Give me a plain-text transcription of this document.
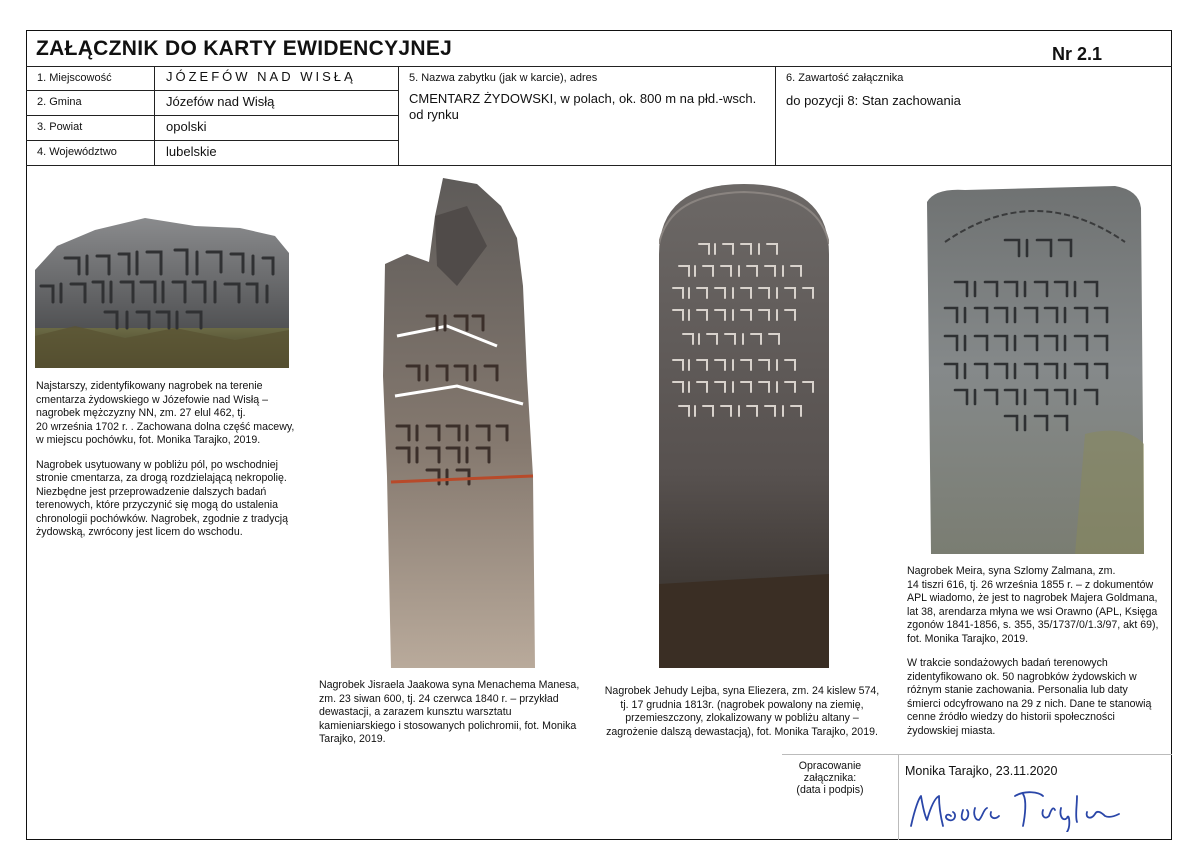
ZAŁĄCZNIK DO KARTY EWIDENCYJNEJ	Nr 2.1
1. Miejscowość	JÓZEFÓW NAD WISŁĄ
2. Gmina	Józefów nad Wisłą
3. Powiat	opolski
4. Województwo	lubelskie
5. Nazwa zabytku (jak w karcie), adres
CMENTARZ ŻYDOWSKI, w polach, ok. 800 m na płd.-wsch. od rynku
6. Zawartość załącznika
do pozycji 8: Stan zachowania

Najstarszy, zidentyfikowany nagrobek na terenie
cmentarza żydowskiego w Józefowie nad Wisłą –
nagrobek mężczyzny NN, zm. 27 elul 462, tj.
20 września 1702 r. . Zachowana dolna część macewy,
w miejscu pochówku, fot. Monika Tarajko, 2019.

Nagrobek usytuowany w pobliżu pól, po wschodniej
stronie cmentarza, za drogą rozdzielającą nekropolię.
Niezbędne jest przeprowadzenie dalszych badań
terenowych, które przyczynić się mogą do ustalenia
chronologii pochówków. Nagrobek, zgodnie z tradycją
żydowską, zwrócony jest licem do wschodu.

Nagrobek Jisraela Jaakowa syna Menachema Manesa,
zm. 23 siwan 600, tj. 24 czerwca 1840 r. – przykład
dewastacji, a zarazem kunsztu warsztatu
kamieniarskiego i stosowanych polichromii, fot. Monika
Tarajko, 2019.
Nagrobek Jehudy Lejba, syna Eliezera, zm. 24 kislew 574,
tj. 17 grudnia 1813r. (nagrobek powalony na ziemię,
przemieszczony, zlokalizowany w pobliżu altany –
zagrożenie dalszą dewastacją), fot. Monika Tarajko, 2019.

Nagrobek Meira, syna Szlomy Zalmana, zm.
14 tiszri 616, tj. 26 września 1855 r. – z dokumentów
APL wiadomo, że jest to nagrobek Majera Goldmana,
lat 38, arendarza młyna we wsi Orawno (APL, Księga
zgonów 1841-1856, s. 355, 35/1737/0/1.3/97, akt 69),
fot. Monika Tarajko, 2019.

W trakcie sondażowych badań terenowych
zidentyfikowano ok. 50 nagrobków żydowskich w
różnym stanie zachowania. Personalia lub daty
śmierci odcyfrowano na 29 z nich. Dane te stanowią
cenne źródło wiedzy do historii społeczności
żydowskiej miasta.

Opracowanie
załącznika:
(data i podpis)
Monika Tarajko, 23.11.2020
